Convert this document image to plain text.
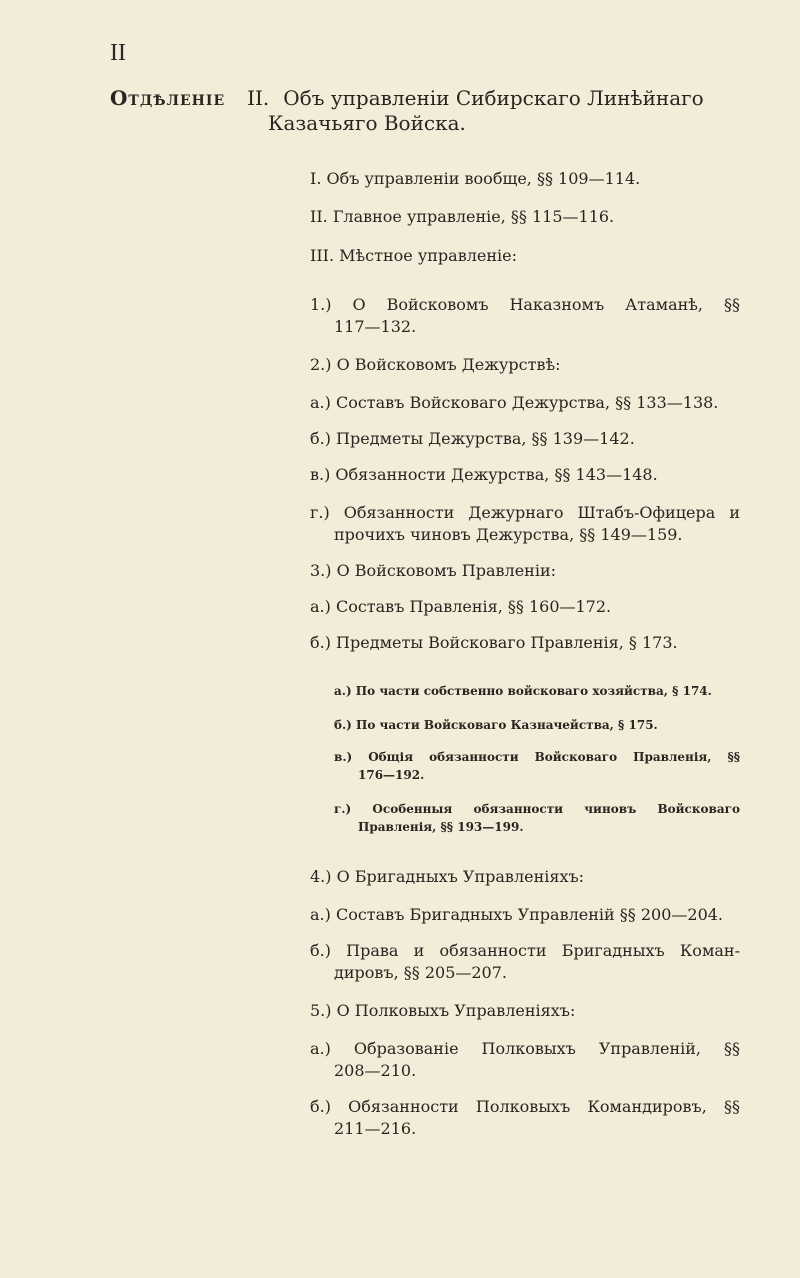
II
Отдѣленіе II. Объ управленіи Сибирскаго Линѣйнаго
Казачьяго Войска.
I. Объ управленіи вообще, §§ 109—114.
II. Главное управленіе, §§ 115—116.
III. Мѣстное управленіе:
1.) О Войсковомъ Наказномъ Атаманѣ, §§
117—132.
2.) О Войсковомъ Дежурствѣ:
а.) Составъ Войсковаго Дежурства, §§ 133—138.
б.) Предметы Дежурства, §§ 139—142.
в.) Обязанности Дежурства, §§ 143—148.
г.) Обязанности Дежурнаго Штабъ-Офицера и
прочихъ чиновъ Дежурства, §§ 149—159.
3.) О Войсковомъ Правленіи:
а.) Составъ Правленія, §§ 160—172.
б.) Предметы Войсковаго Правленія, § 173.
а.) По части собственно войсковаго хозяйства, § 174.
б.) По части Войсковаго Казначейства, § 175.
в.) Общія обязанности Войсковаго Правленія, §§
176—192.
г.) Особенныя обязанности чиновъ Войсковаго
Правленія, §§ 193—199.
4.) О Бригадныхъ Управленіяхъ:
а.) Составъ Бригадныхъ Управленій §§ 200—204.
б.) Права и обязанности Бригадныхъ Коман-
дировъ, §§ 205—207.
5.) О Полковыхъ Управленіяхъ:
а.) Образованіе Полковыхъ Управленій, §§
208—210.
б.) Обязанности Полковыхъ Командировъ, §§
211—216.
